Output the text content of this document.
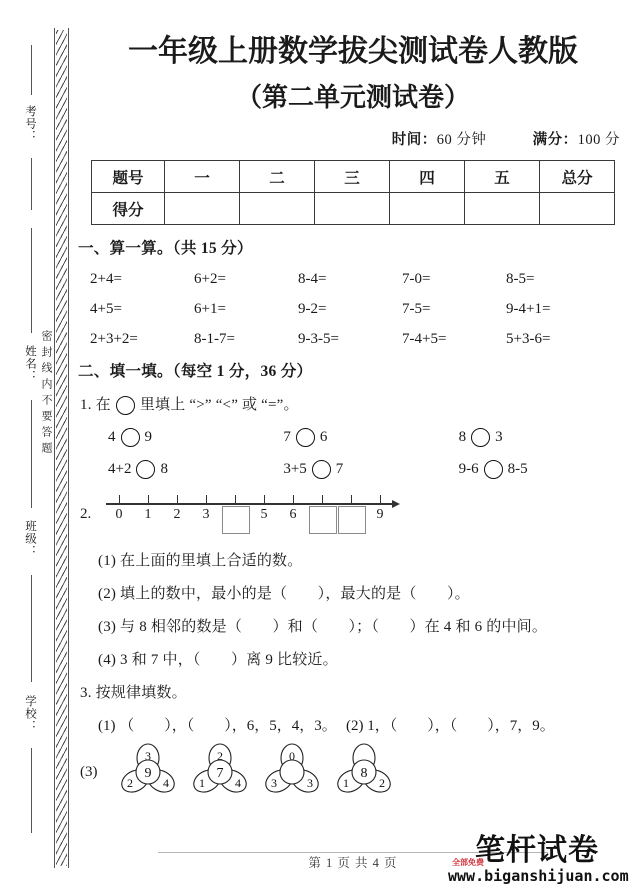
密封线内不要答题
考号：
姓名：
班级：
学校：
一年级上册数学拔尖测试卷人教版
（第二单元测试卷）
时间：60 分钟	满分：100 分
题号	一	二	三	四	五	总分
得分						
一、算一算。（共 15 分）
2+4=	6+2=	8-4=	7-0=	8-5=
4+5=	6+1=	9-2=	7-5=	9-4+1=
2+3+2=	8-1-7=	9-3-5=	7-4+5=	5+3-6=
二、填一填。（每空 1 分，36 分）
1. 在 里填上 “>” “<” 或 “=”。
4 9	7 6	8 3
4+2 8	3+5 7	9-6 8-5
2.	0	1	2	3	5	6	9
(1) 在上面的里填上合适的数。
(2) 填上的数中，最小的是（　　），最大的是（　　）。
(3) 与 8 相邻的数是（　　）和（　　）；（　　）在 4 和 6 的中间。
(4) 3 和 7 中，（　　）离 9 比较近。
3. 按规律填数。
(1) （　　），（　　），6，5，4，3。 (2) 1，（　　），（　　），7，9。
(3)
3
9
2	4
2
7
1	4
0
3	3
8
1	2
第 1 页 共 4 页	全部免费
笔杆试卷
www.biganshijuan.com
